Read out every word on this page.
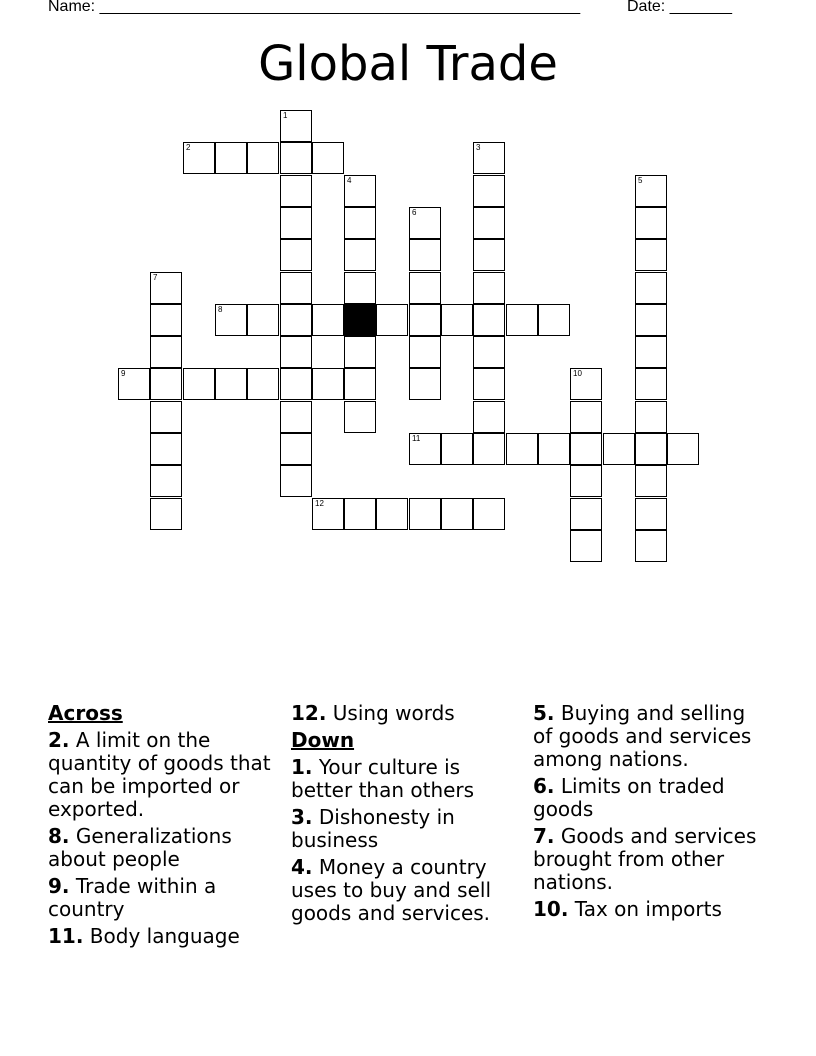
Name: ______________________________________________________	Date: _______
Global Trade
1
2	3
4	5
6
7
8
9	10
11
12
Across
2. A limit on the quantity of goods that can be imported or exported.
8. Generalizations about people
9. Trade within a country
11. Body language
12. Using words
Down
1. Your culture is better than others
3. Dishonesty in business
4. Money a country uses to buy and sell goods and services.
5. Buying and selling of goods and services among nations.
6. Limits on traded goods
7. Goods and services brought from other nations.
10. Tax on imports
